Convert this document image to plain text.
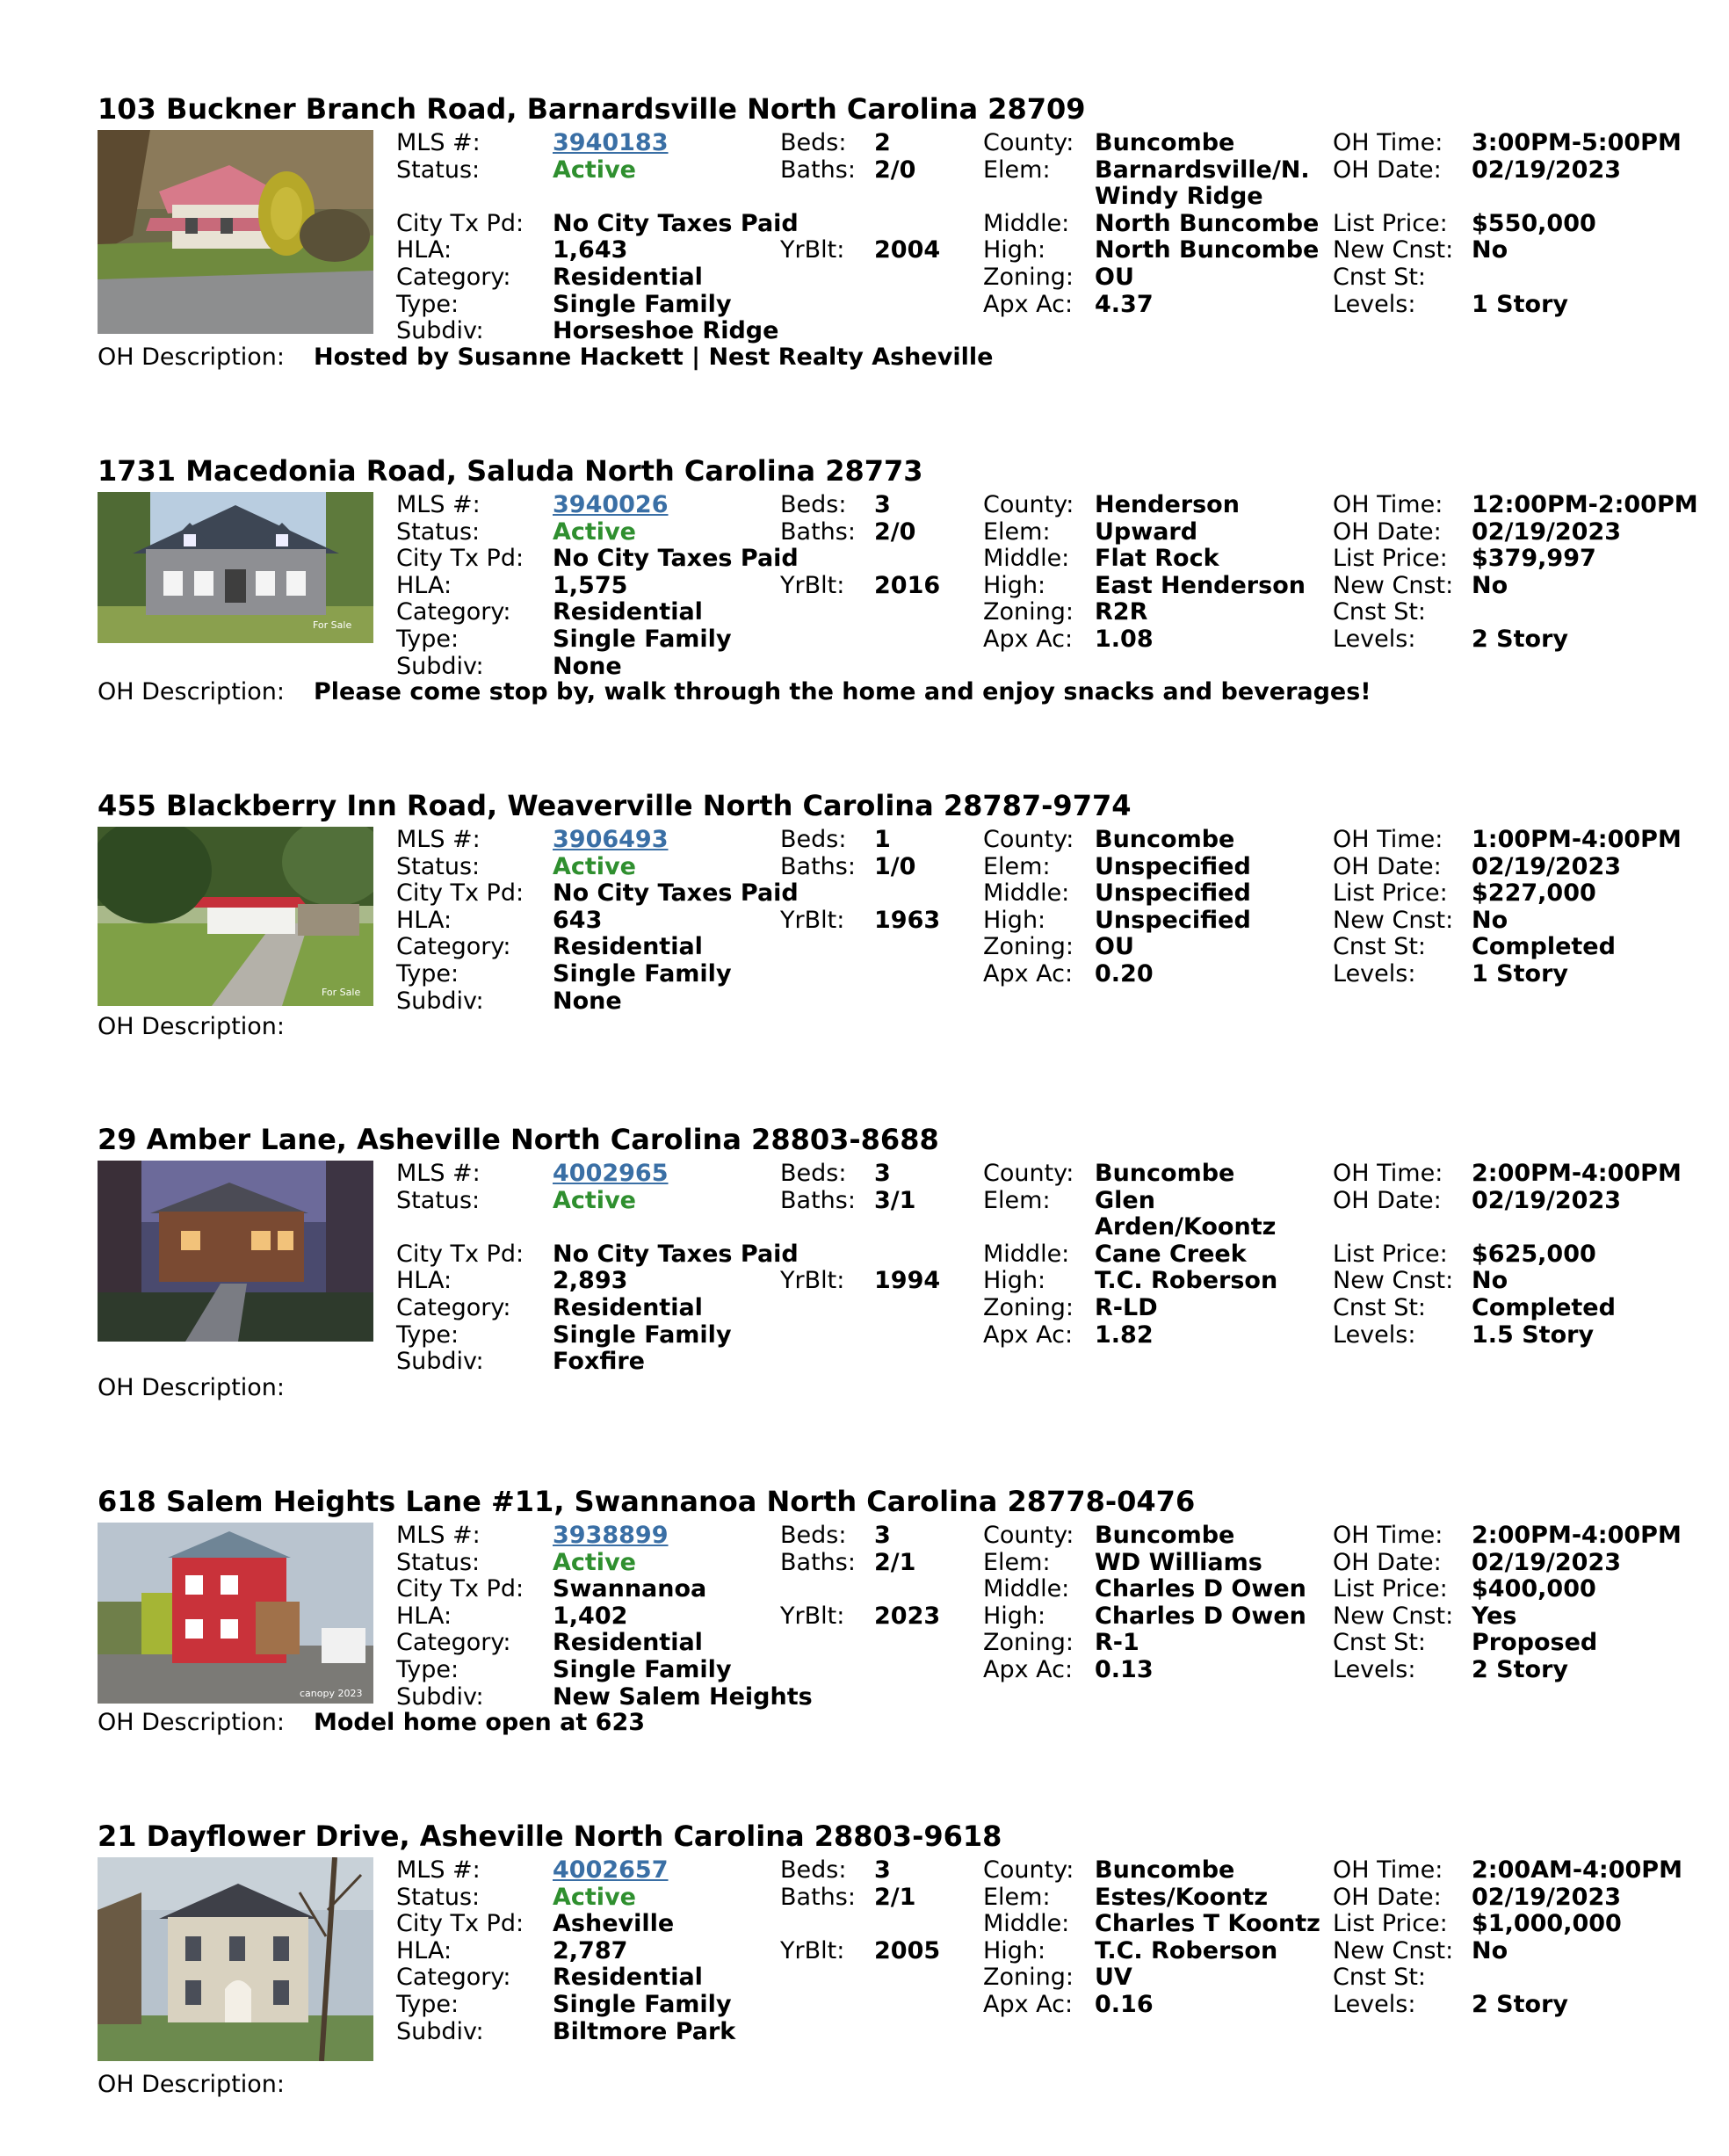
103 Buckner Branch Road, Barnardsville North Carolina 28709
MLS #:	3940183	Beds:	2	County: Buncombe	OH Time:	3:00PM-5:00PM
Status:	Active	Baths: 2/0	Elem:	Barnardsville/N. Windy Ridge
OH Date:	02/19/2023
City Tx Pd:	No City Taxes Paid	Middle:	North Buncombe List Price:	$550,000
HLA:	1,643	YrBlt:	2004	High:	North Buncombe New Cnst: No
Category:	Residential	Zoning: OU	Cnst St:
Type:	Single Family	Apx Ac: 4.37	Levels:	1 Story
Subdiv:	Horseshoe Ridge
OH Description: Hosted by Susanne Hackett | Nest Realty Asheville
1731 Macedonia Road, Saluda North Carolina 28773
For Sale
MLS #:	3940026	Beds:	3	County: Henderson	OH Time:	12:00PM-2:00PM
Status:	Active	Baths: 2/0	Elem:	Upward	OH Date:	02/19/2023
City Tx Pd:	No City Taxes Paid	Middle:	Flat Rock	List Price:	$379,997
HLA:	1,575	YrBlt:	2016	High:	East Henderson	New Cnst: No
Category:	Residential	Zoning: R2R	Cnst St:
Type:	Single Family	Apx Ac: 1.08	Levels:	2 Story
Subdiv:	None
OH Description: Please come stop by, walk through the home and enjoy snacks and beverages!
455 Blackberry Inn Road, Weaverville North Carolina 28787-9774
For Sale
MLS #:	3906493	Beds:	1	County: Buncombe	OH Time:	1:00PM-4:00PM
Status:	Active	Baths: 1/0	Elem:	Unspecified	OH Date:	02/19/2023
City Tx Pd:	No City Taxes Paid	Middle:	Unspecified	List Price:	$227,000
HLA:	643	YrBlt:	1963	High:	Unspecified	New Cnst: No
Category:	Residential	Zoning: OU	Cnst St:	Completed
Type:	Single Family	Apx Ac: 0.20	Levels:	1 Story
Subdiv:	None
OH Description:
29 Amber Lane, Asheville North Carolina 28803-8688
MLS #:	4002965	Beds:	3	County: Buncombe	OH Time:	2:00PM-4:00PM
Status:	Active	Baths: 3/1	Elem:	Glen Arden/Koontz
OH Date:	02/19/2023
City Tx Pd:	No City Taxes Paid	Middle:	Cane Creek	List Price:	$625,000
HLA:	2,893	YrBlt:	1994	High:	T.C. Roberson	New Cnst: No
Category:	Residential	Zoning: R-LD	Cnst St:	Completed
Type:	Single Family	Apx Ac: 1.82	Levels:	1.5 Story
Subdiv:	Foxfire
OH Description:
618 Salem Heights Lane #11, Swannanoa North Carolina 28778-0476
canopy 2023
MLS #:	3938899	Beds:	3	County: Buncombe	OH Time:	2:00PM-4:00PM
Status:	Active	Baths: 2/1	Elem:	WD Williams	OH Date:	02/19/2023
City Tx Pd:	Swannanoa	Middle:	Charles D Owen	List Price:	$400,000
HLA:	1,402	YrBlt:	2023	High:	Charles D Owen	New Cnst: Yes
Category:	Residential	Zoning: R-1	Cnst St:	Proposed
Type:	Single Family	Apx Ac: 0.13	Levels:	2 Story
Subdiv:	New Salem Heights
OH Description: Model home open at 623
21 Dayflower Drive, Asheville North Carolina 28803-9618
MLS #:	4002657	Beds:	3	County: Buncombe	OH Time:	2:00AM-4:00PM
Status:	Active	Baths: 2/1	Elem:	Estes/Koontz	OH Date:	02/19/2023
City Tx Pd:	Asheville	Middle:	Charles T Koontz List Price:	$1,000,000
HLA:	2,787	YrBlt:	2005	High:	T.C. Roberson	New Cnst: No
Category:	Residential	Zoning: UV	Cnst St:
Type:	Single Family	Apx Ac: 0.16	Levels:	2 Story
Subdiv:	Biltmore Park
OH Description:
